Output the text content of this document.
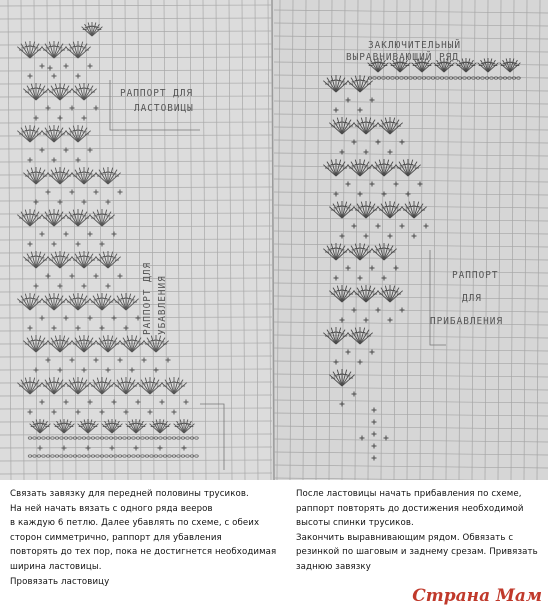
РАППОРТ ДЛЯ
ЛАСТОВИЦЫ
РАППОРТ ДЛЯ УБАВЛЕНИЯ
ЗАКЛЮЧИТЕЛЬНЫЙ
ВЫРАВНИВАЮЩИЙ РЯД
РАППОРТ
ДЛЯ
ПРИБАВЛЕНИЯ
Связать завязку для передней половины трусиков.
На ней начать вязать с одного ряда вееров
в каждую 6 петлю. Далее убавлять по схеме, с обеих
сторон симметрично, раппорт для убавления
повторять до тех пор, пока не достигнется необходимая
ширина ластовицы.
Провязать ластовицу
После ластовицы начать прибавления по схеме,
раппорт повторять до достижения необходимой
высоты спинки трусиков.
Закончить выравнивающим рядом. Обвязать с
резинкой по шаговым и заднему срезам. Привязать
заднюю завязку
Страна Мам
